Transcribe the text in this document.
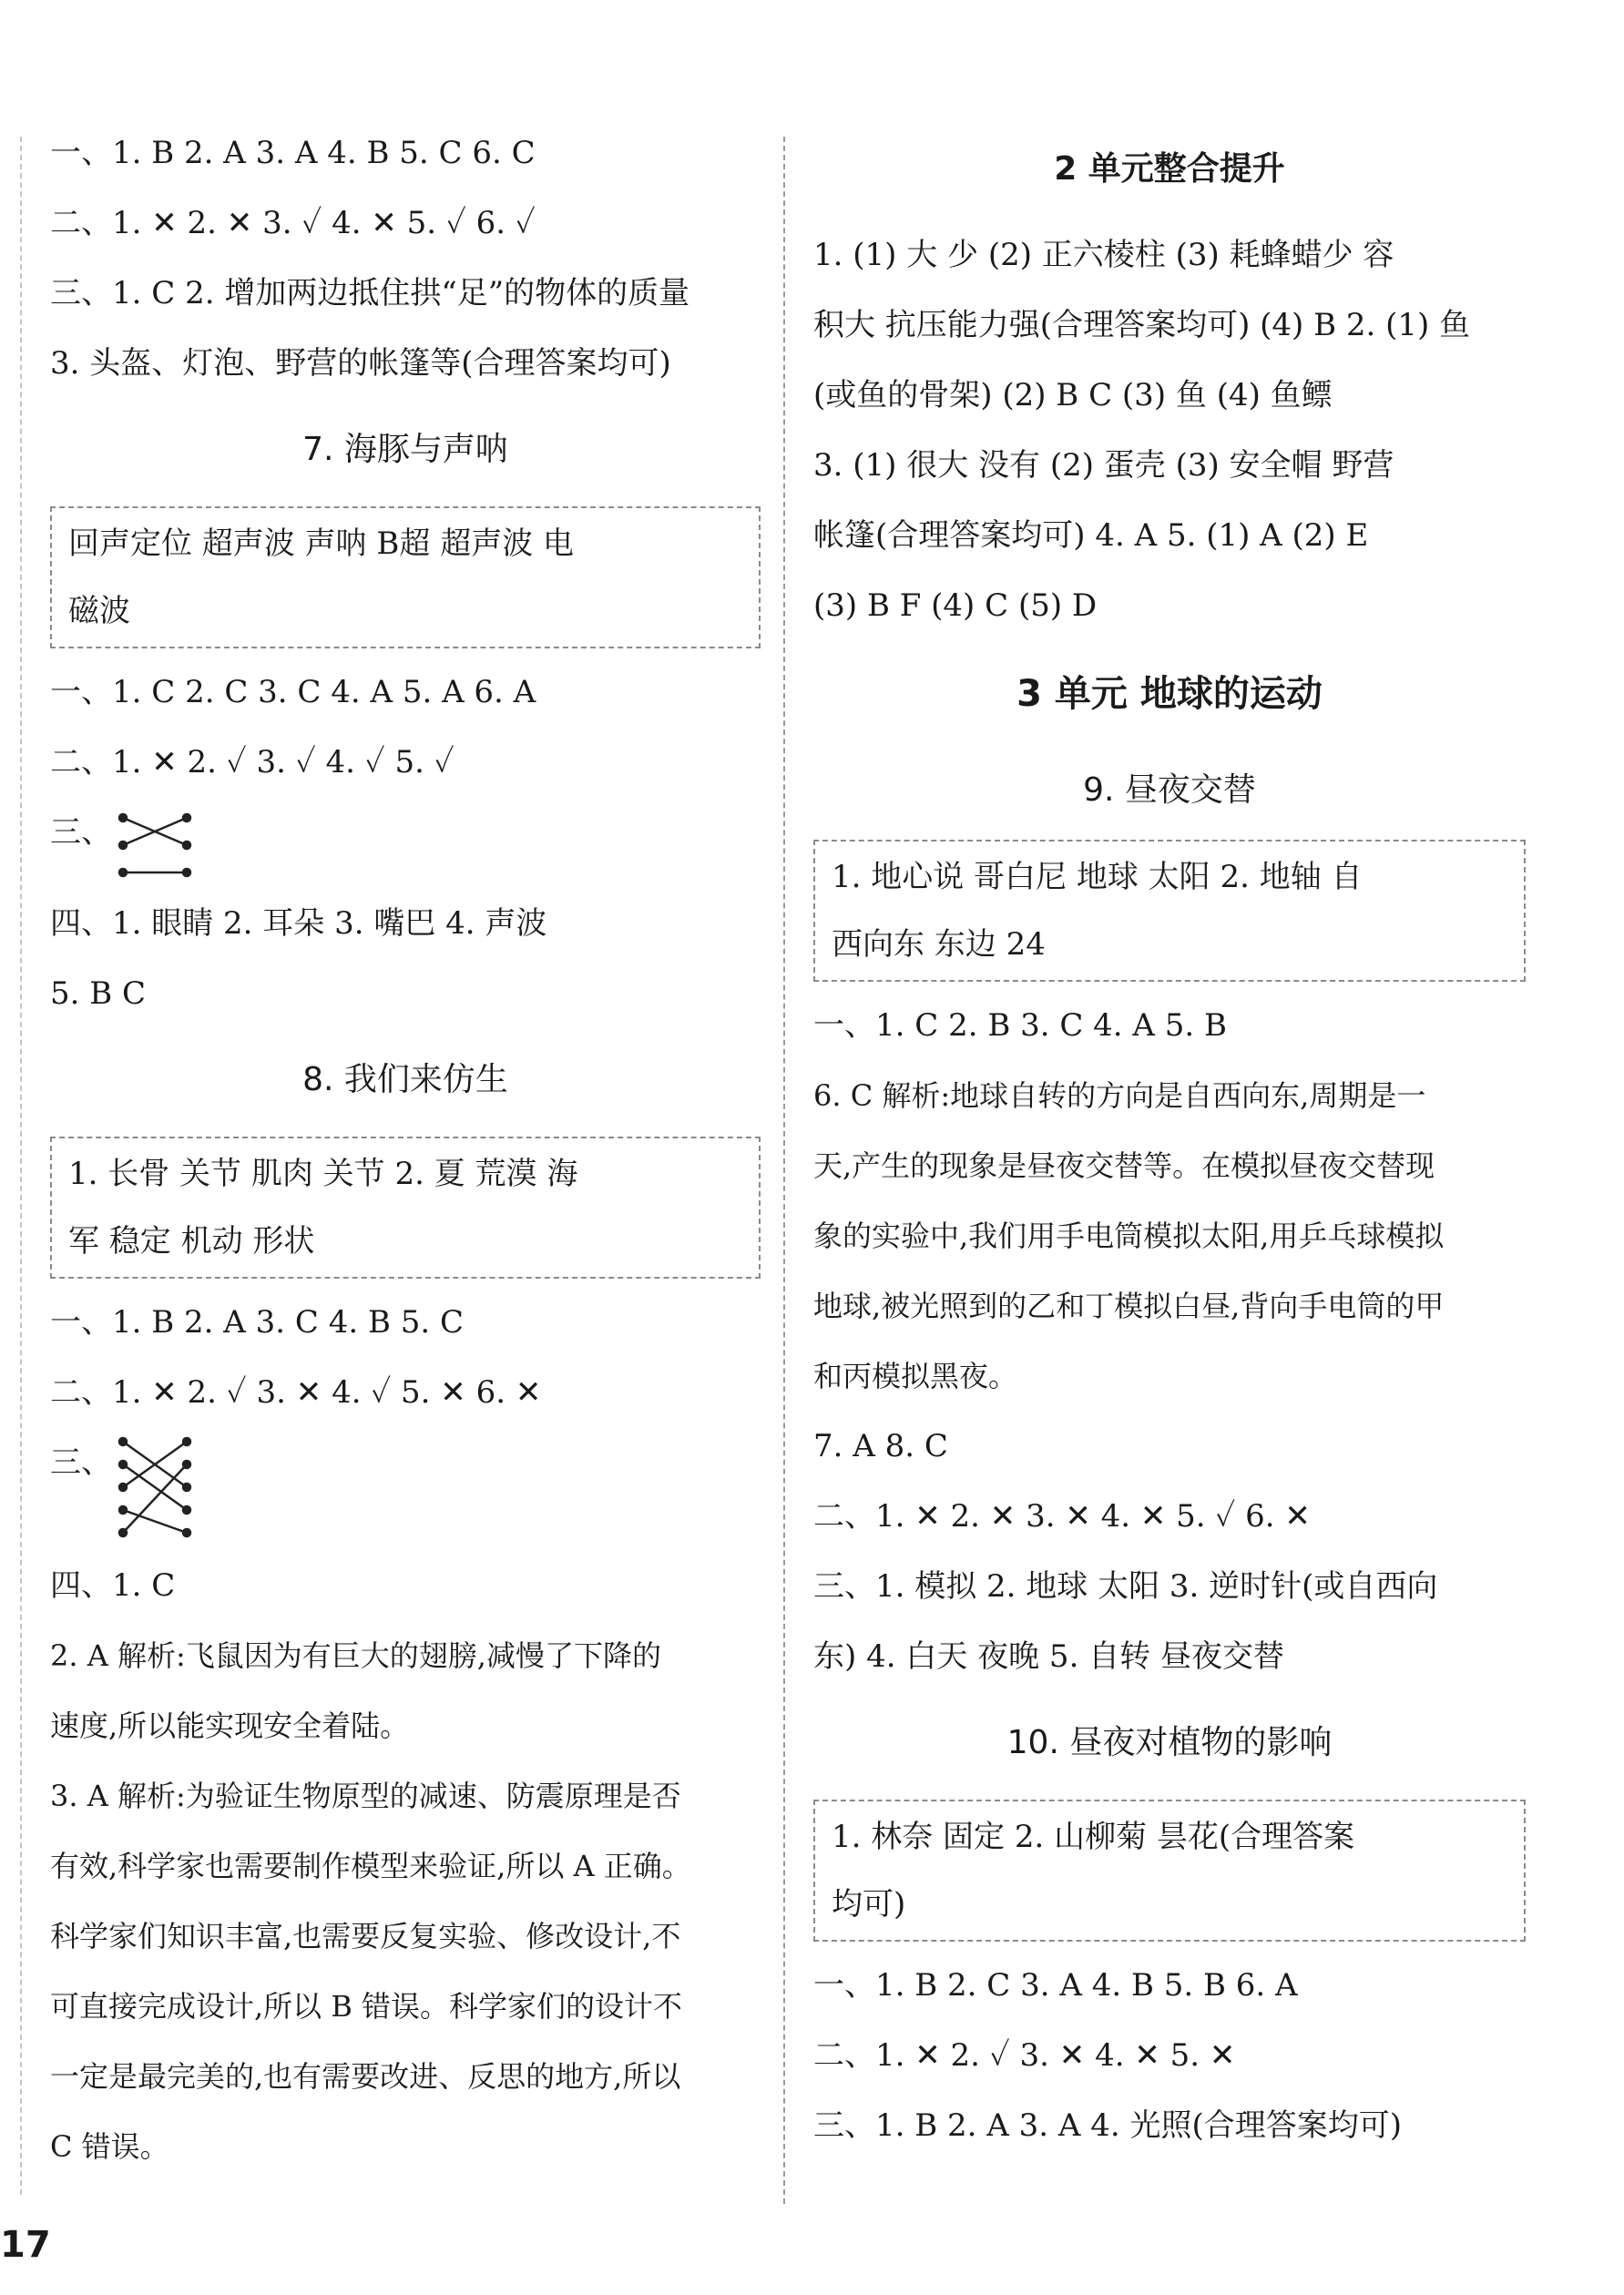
一、1. B 2. A 3. A 4. B 5. C 6. C
二、1. ✕ 2. ✕ 3. ✓ 4. ✕ 5. ✓ 6. ✓
三、1. C 2. 增加两边抵住拱“足”的物体的质量
3. 头盔、灯泡、野营的帐篷等(合理答案均可)
7. 海豚与声呐
回声定位 超声波 声呐 B超 超声波 电
磁波
一、1. C 2. C 3. C 4. A 5. A 6. A
二、1. ✕ 2. ✓ 3. ✓ 4. ✓ 5. ✓
三、
四、1. 眼睛 2. 耳朵 3. 嘴巴 4. 声波
5. B C
8. 我们来仿生
1. 长骨 关节 肌肉 关节 2. 夏 荒漠 海
军 稳定 机动 形状
一、1. B 2. A 3. C 4. B 5. C
二、1. ✕ 2. ✓ 3. ✕ 4. ✓ 5. ✕ 6. ✕
三、
四、1. C
2. A 解析:飞鼠因为有巨大的翅膀,减慢了下降的
速度,所以能实现安全着陆。
3. A 解析:为验证生物原型的减速、防震原理是否
有效,科学家也需要制作模型来验证,所以 A 正确。
科学家们知识丰富,也需要反复实验、修改设计,不
可直接完成设计,所以 B 错误。科学家们的设计不
一定是最完美的,也有需要改进、反思的地方,所以
C 错误。
2 单元整合提升
1. (1) 大 少 (2) 正六棱柱 (3) 耗蜂蜡少 容
积大 抗压能力强(合理答案均可) (4) B 2. (1) 鱼
(或鱼的骨架) (2) B C (3) 鱼 (4) 鱼鳔
3. (1) 很大 没有 (2) 蛋壳 (3) 安全帽 野营
帐篷(合理答案均可) 4. A 5. (1) A (2) E
(3) B F (4) C (5) D
3 单元 地球的运动
9. 昼夜交替
1. 地心说 哥白尼 地球 太阳 2. 地轴 自
西向东 东边 24
一、1. C 2. B 3. C 4. A 5. B
6. C 解析:地球自转的方向是自西向东,周期是一
天,产生的现象是昼夜交替等。在模拟昼夜交替现
象的实验中,我们用手电筒模拟太阳,用乒乓球模拟
地球,被光照到的乙和丁模拟白昼,背向手电筒的甲
和丙模拟黑夜。
7. A 8. C
二、1. ✕ 2. ✕ 3. ✕ 4. ✕ 5. ✓ 6. ✕
三、1. 模拟 2. 地球 太阳 3. 逆时针(或自西向
东) 4. 白天 夜晚 5. 自转 昼夜交替
10. 昼夜对植物的影响
1. 林奈 固定 2. 山柳菊 昙花(合理答案
均可)
一、1. B 2. C 3. A 4. B 5. B 6. A
二、1. ✕ 2. ✓ 3. ✕ 4. ✕ 5. ✕
三、1. B 2. A 3. A 4. 光照(合理答案均可)
17
